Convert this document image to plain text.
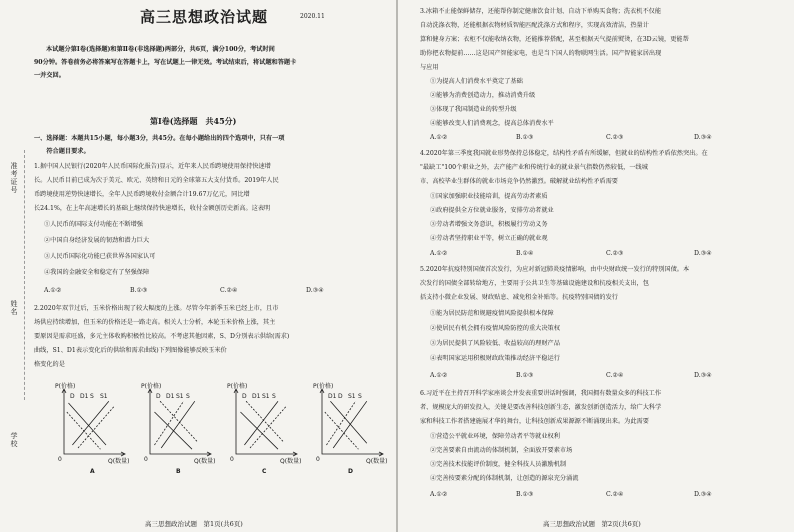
准考证号
姓名
学校
高三思想政治试题	2020.11
本试题分第Ⅰ卷(选择题)和第Ⅱ卷(非选择题)两部分，共6页，满分100分，考试时间
90分钟。答卷前务必将答案写在答题卡上，写在试题上一律无效。考试结束后，将试题和答题卡
一并交回。
第Ⅰ卷(选择题　共45分)
一、选择题：本题共15小题，每小题3分，共45分。在每小题给出的四个选项中，只有一项
　　符合题目要求。
1.据中国人民银行(2020年人民币国际化报告)显示，近年来人民币跨境使用保持快速增
长。人民币目前已成为次于美元、欧元、英镑和日元的全球第五大支付货币。2019年人民
币跨境使用逆势快速增长，全年人民币跨境收付金额合计19.67万亿元，同比增
长24.1%，在上年高速增长的基础上继续保持快速增长，收付金额创历史新高。这表明
①人民币的国际支付功能在不断增强
②中国自身经济发展的韧劲和潜力巨大
③人民币国际化功能已获世界各国家认可
④我国的金融安全和稳定有了坚强保障
A.①②	B.①③	C.②④	D.③④
2.2020年双节过后，玉米价格出现了较大幅度的上涨。尽管今年新季玉米已经上市，且市
场供应持续增加，但玉米的价格还是一路走高。相关人士分析，本轮玉米价格上涨，其主
要原因是需求旺盛，多元主体收购积极性比较高。不考虑其他因素，S、D分别表示供给(需求)
曲线，S1、D1表示变化后的供给和需求曲线)下列图像能够反映玉米价
格变化的是
P(价格)
Q(数量)
0
A
D D1 S S1
P(价格)
Q(数量)
0
B
D D1 S1 S
P(价格)
Q(数量)
0
C
D D1 S1 S
P(价格)
Q(数量)
0
D
D1 D S1 S
高三思想政治试题　第1页(共6页)
3.冰箱不止能保鲜储存，还能帮你制定健康饮食计划、自动下单购买食物；洗衣机不仅能
自动洗涤衣物，还能根据衣物材质智能匹配洗涤方式和程序，实现高效清洁，热量计
算和健身方案；衣柜不仅能收纳衣物，还能推荐搭配，甚至根据天气提前熨烫，在3D云镜，更能帮
助你把衣物提前……这是国产智能家电，也是当下国人的物联网生活。国产智能家居出现
与应用
①为提高人们消费水平奠定了基础
②能够为消费创造动力，推动消费升级
③体现了我国制造业的转型升级
④能够改变人们消费观念，提高总体消费水平
A.①②	B.①③	C.②③	D.③④
4.2020年第三季度我国就业形势保持总体稳定，结构性矛盾有所缓解，但就业的结构性矛盾依然突出。在
"最缺工"100个职业之外，去产能产业和传统行业的就业景气指数仍然较低，一线城
市、高校毕业生群体的就业市场竞争仍然激烈。破解就业结构性矛盾需要
①国家加强职业技能培训，提高劳动者素质
②政府提供全方位就业服务，安排劳动者就业
③劳动者增强文务意识，积极履行劳动义务
④劳动者坚持职业平等，树立正确的就业观
A.①②	B.①④	C.②③	D.③④
5.2020年抗疫特别国债首次发行，为应对新冠肺炎疫情影响，由中央财政统一发行的特别国债。本
次发行的国债全部转给地方，主要用于公共卫生等基础设施建设和抗疫相关支出，包
括支持小微企业发展、财政贴息、减免租金补贴等。抗疫特别国债的发行
①能为居民防范和规避疫情风险提供根本保障
②使居民有机会拥有疫情风险防控的重大决策权
③为居民提供了风险较低、收益较高的理财产品
④表明国家运用积极财政政策推动经济平稳运行
A.①②	B.①③	C.②④	D.③④
6.习近平在主持召开科学家座谈会并发表重要讲话时强调，我国拥有数量众多的科技工作
者、规模庞大的研发投入，关键是要改善科技创新生态，激发创新创造活力，给广大科学
家和科技工作者搭建施展才华的舞台，让科技创新成果源源不断涌现出来。为此需要
①营造公平就业环境，保障劳动者平等就业权利
②完善要素自由流动的体制机制，全面放开要素市场
③完善技术技能评价制度，健全科技人员激励机制
④完善按要素分配的体制机制，让创造的源泉充分涌流
A.①②	B.①③	C.②④	D.③④
高三思想政治试题　第2页(共6页)
